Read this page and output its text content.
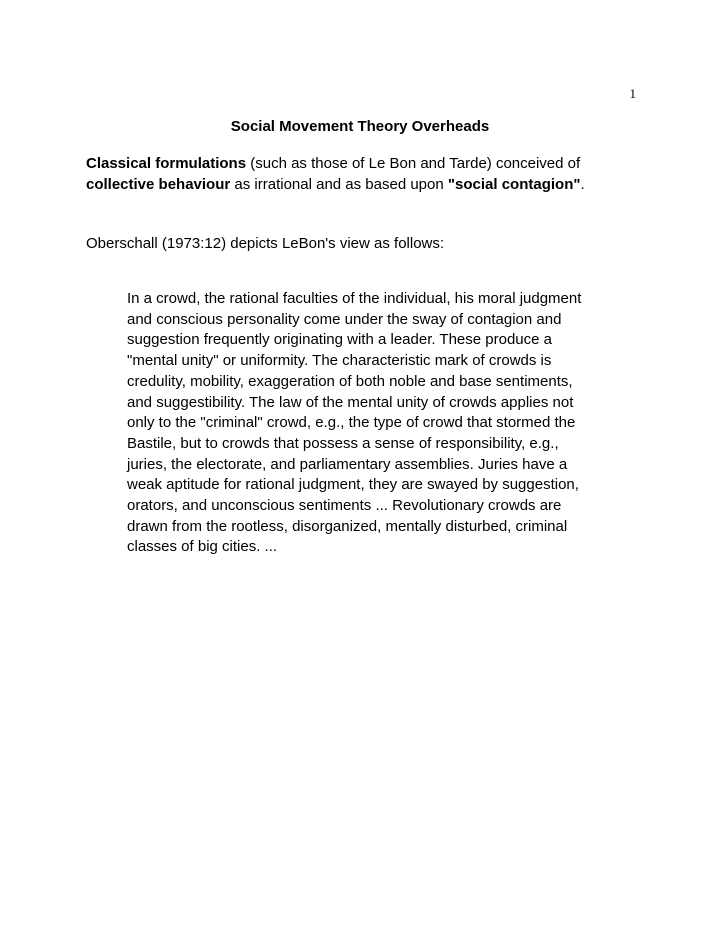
1
Social Movement Theory Overheads

Classical formulations (such as those of Le Bon and Tarde) conceived of
collective behaviour as irrational and as based upon "social contagion".

Oberschall (1973:12) depicts LeBon's view as follows:

In a crowd, the rational faculties of the individual, his moral judgment
and conscious personality come under the sway of contagion and
suggestion frequently originating with a leader. These produce a
"mental unity" or uniformity. The characteristic mark of crowds is
credulity, mobility, exaggeration of both noble and base sentiments,
and suggestibility. The law of the mental unity of crowds applies not
only to the "criminal" crowd, e.g., the type of crowd that stormed the
Bastile, but to crowds that possess a sense of responsibility, e.g.,
juries, the electorate, and parliamentary assemblies. Juries have a
weak aptitude for rational judgment, they are swayed by suggestion,
orators, and unconscious sentiments ... Revolutionary crowds are
drawn from the rootless, disorganized, mentally disturbed, criminal
classes of big cities. ...
